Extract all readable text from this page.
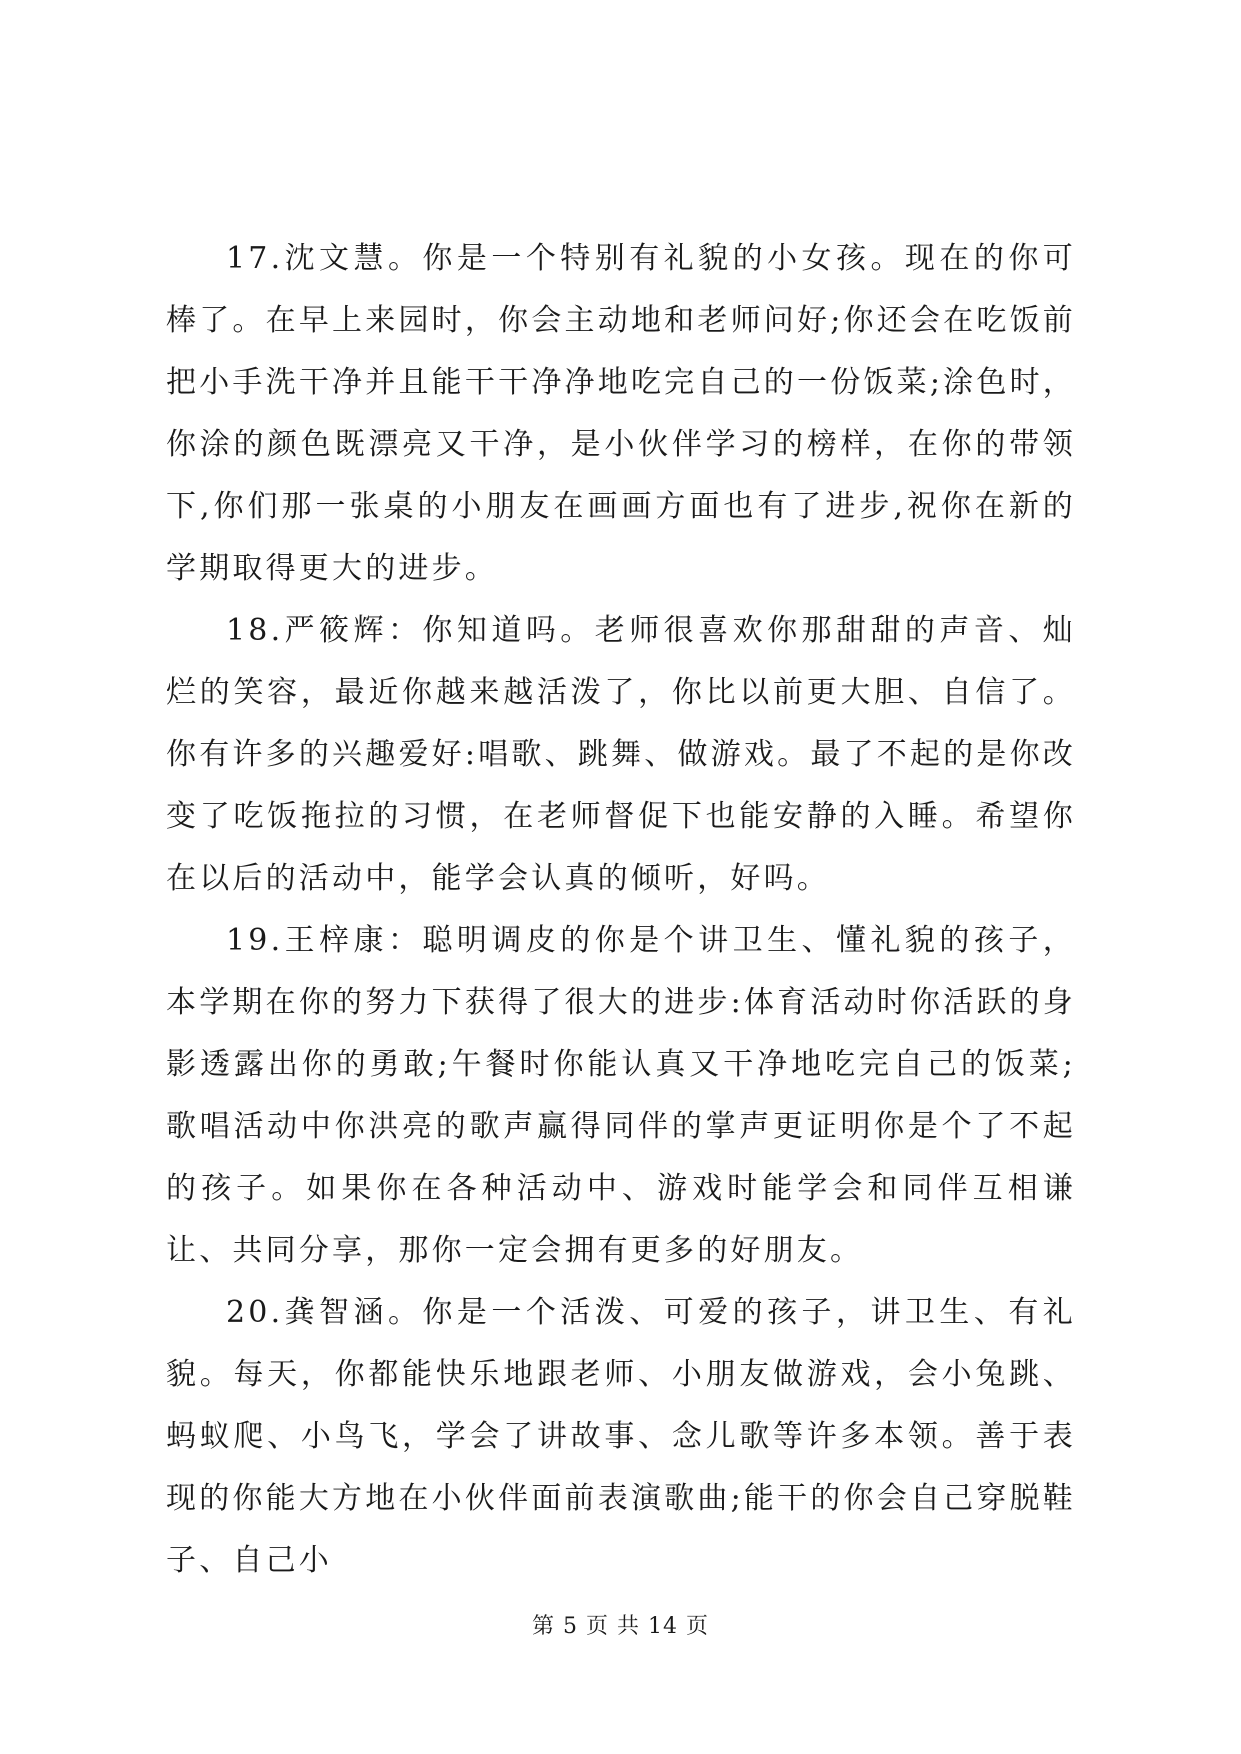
17.沈文慧。你是一个特别有礼貌的小女孩。现在的你可棒了。在早上来园时，你会主动地和老师问好;你还会在吃饭前把小手洗干净并且能干干净净地吃完自己的一份饭菜;涂色时，你涂的颜色既漂亮又干净，是小伙伴学习的榜样，在你的带领下,你们那一张桌的小朋友在画画方面也有了进步,祝你在新的学期取得更大的进步。

18.严筱辉：你知道吗。老师很喜欢你那甜甜的声音、灿烂的笑容，最近你越来越活泼了，你比以前更大胆、自信了。你有许多的兴趣爱好:唱歌、跳舞、做游戏。最了不起的是你改变了吃饭拖拉的习惯，在老师督促下也能安静的入睡。希望你在以后的活动中，能学会认真的倾听，好吗。

19.王梓康：聪明调皮的你是个讲卫生、懂礼貌的孩子，本学期在你的努力下获得了很大的进步:体育活动时你活跃的身影透露出你的勇敢;午餐时你能认真又干净地吃完自己的饭菜;歌唱活动中你洪亮的歌声赢得同伴的掌声更证明你是个了不起的孩子。如果你在各种活动中、游戏时能学会和同伴互相谦让、共同分享，那你一定会拥有更多的好朋友。

20.龚智涵。你是一个活泼、可爱的孩子，讲卫生、有礼貌。每天，你都能快乐地跟老师、小朋友做游戏，会小兔跳、蚂蚁爬、小鸟飞，学会了讲故事、念儿歌等许多本领。善于表现的你能大方地在小伙伴面前表演歌曲;能干的你会自己穿脱鞋子、自己小

第 5 页 共 14 页
